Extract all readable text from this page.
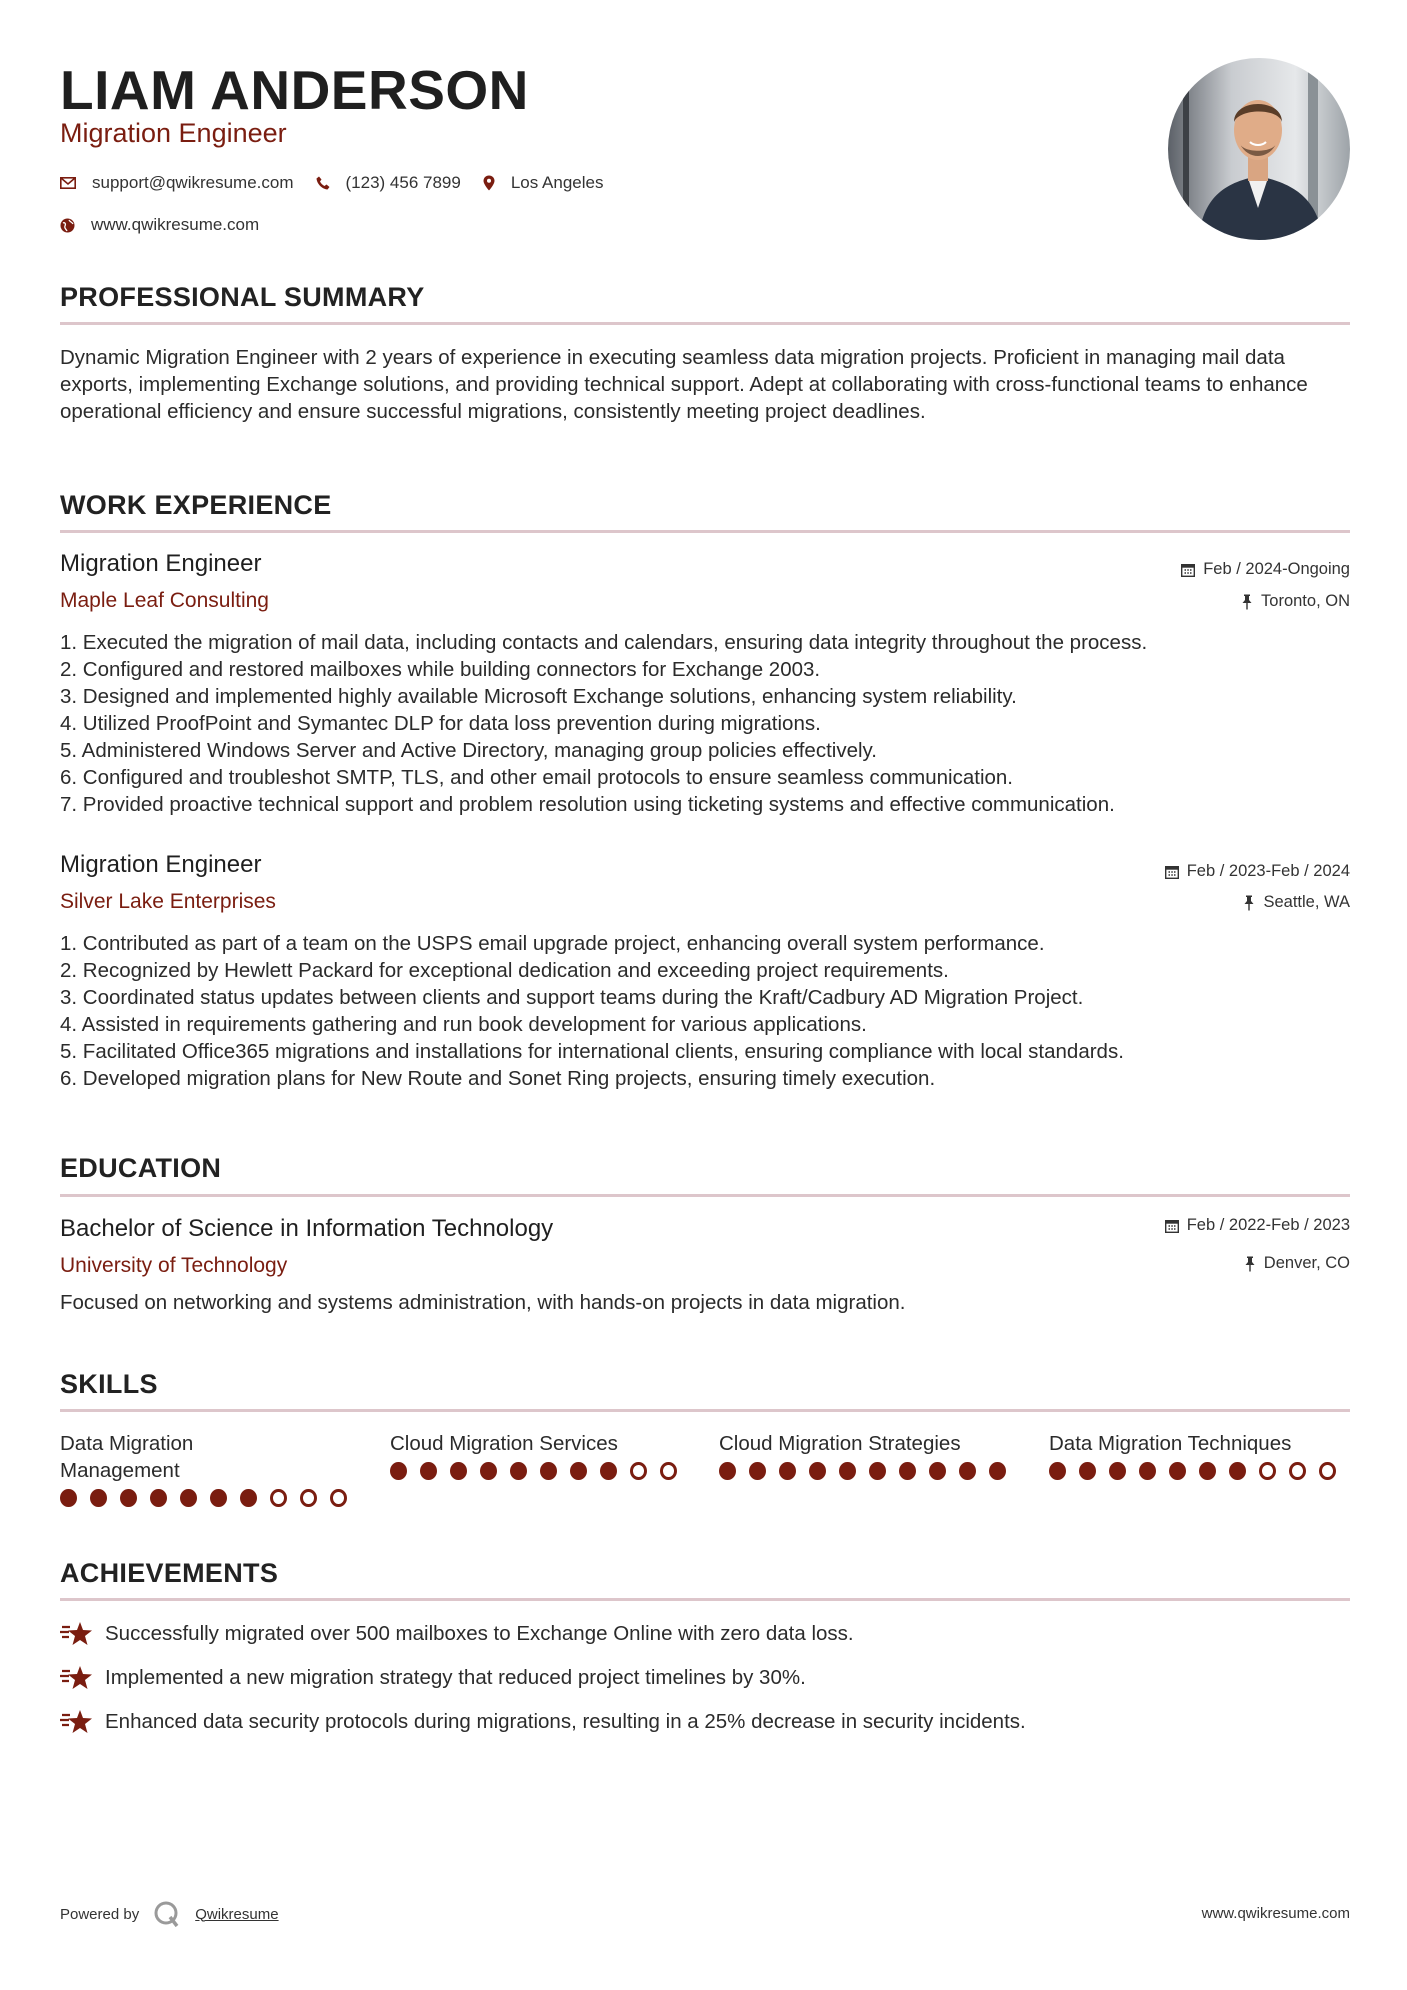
LIAM ANDERSON
Migration Engineer
support@qwikresume.com	(123) 456 7899	Los Angeles
www.qwikresume.com
PROFESSIONAL SUMMARY
Dynamic Migration Engineer with 2 years of experience in executing seamless data migration projects. Proficient in managing mail data exports, implementing Exchange solutions, and providing technical support. Adept at collaborating with cross-functional teams to enhance operational efficiency and ensure successful migrations, consistently meeting project deadlines.
WORK EXPERIENCE
Migration Engineer
Maple Leaf Consulting
Feb / 2024-Ongoing
Toronto, ON
1. Executed the migration of mail data, including contacts and calendars, ensuring data integrity throughout the process.
2. Configured and restored mailboxes while building connectors for Exchange 2003.
3. Designed and implemented highly available Microsoft Exchange solutions, enhancing system reliability.
4. Utilized ProofPoint and Symantec DLP for data loss prevention during migrations.
5. Administered Windows Server and Active Directory, managing group policies effectively.
6. Configured and troubleshot SMTP, TLS, and other email protocols to ensure seamless communication.
7. Provided proactive technical support and problem resolution using ticketing systems and effective communication.
Migration Engineer
Silver Lake Enterprises
Feb / 2023-Feb / 2024
Seattle, WA
1. Contributed as part of a team on the USPS email upgrade project, enhancing overall system performance.
2. Recognized by Hewlett Packard for exceptional dedication and exceeding project requirements.
3. Coordinated status updates between clients and support teams during the Kraft/Cadbury AD Migration Project.
4. Assisted in requirements gathering and run book development for various applications.
5. Facilitated Office365 migrations and installations for international clients, ensuring compliance with local standards.
6. Developed migration plans for New Route and Sonet Ring projects, ensuring timely execution.
EDUCATION
Bachelor of Science in Information Technology
University of Technology
Feb / 2022-Feb / 2023
Denver, CO
Focused on networking and systems administration, with hands-on projects in data migration.
SKILLS
Data Migration Management
Cloud Migration Services	Cloud Migration Strategies	Data Migration Techniques
ACHIEVEMENTS
Successfully migrated over 500 mailboxes to Exchange Online with zero data loss.
Implemented a new migration strategy that reduced project timelines by 30%.
Enhanced data security protocols during migrations, resulting in a 25% decrease in security incidents.
Powered by	Qwikresume	www.qwikresume.com
